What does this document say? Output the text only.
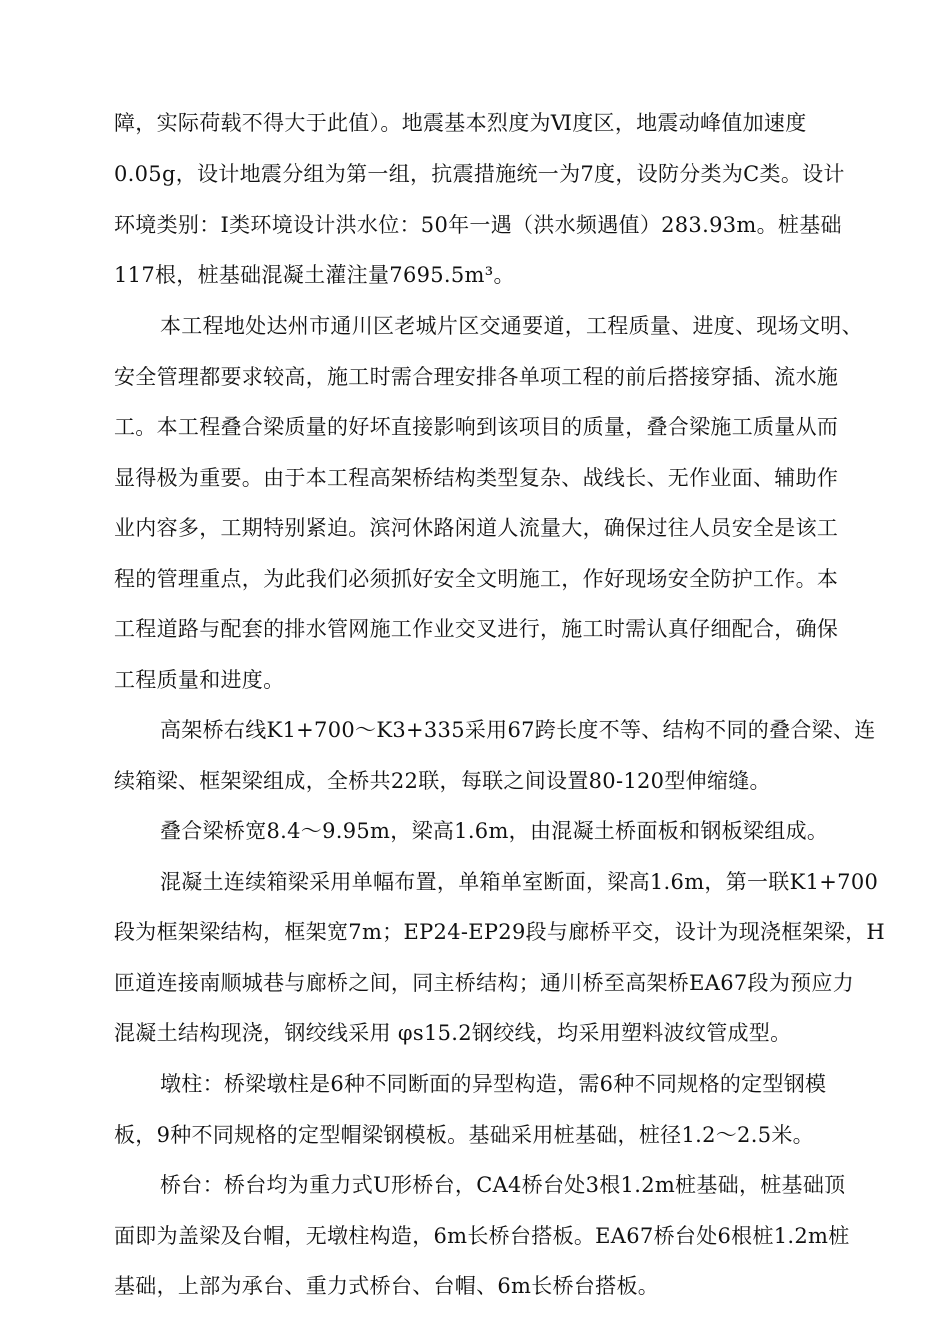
障，实际荷载不得大于此值）。地震基本烈度为Ⅵ度区，地震动峰值加速度
0.05g，设计地震分组为第一组，抗震措施统一为7度，设防分类为C类。设计
环境类别：Ⅰ类环境设计洪水位：50年一遇（洪水频遇值）283.93m。桩基础
117根，桩基础混凝土灌注量7695.5m³。
本工程地处达州市通川区老城片区交通要道，工程质量、进度、现场文明、
安全管理都要求较高，施工时需合理安排各单项工程的前后搭接穿插、流水施
工。本工程叠合梁质量的好坏直接影响到该项目的质量，叠合梁施工质量从而
显得极为重要。由于本工程高架桥结构类型复杂、战线长、无作业面、辅助作
业内容多，工期特别紧迫。滨河休路闲道人流量大，确保过往人员安全是该工
程的管理重点，为此我们必须抓好安全文明施工，作好现场安全防护工作。本
工程道路与配套的排水管网施工作业交叉进行，施工时需认真仔细配合，确保
工程质量和进度。
高架桥右线K1+700～K3+335采用67跨长度不等、结构不同的叠合梁、连
续箱梁、框架梁组成，全桥共22联，每联之间设置80-120型伸缩缝。
叠合梁桥宽8.4～9.95m，梁高1.6m，由混凝土桥面板和钢板梁组成。
混凝土连续箱梁采用单幅布置，单箱单室断面，梁高1.6m，第一联K1+700
段为框架梁结构，框架宽7m；EP24-EP29段与廊桥平交，设计为现浇框架梁，H
匝道连接南顺城巷与廊桥之间，同主桥结构；通川桥至高架桥EA67段为预应力
混凝土结构现浇，钢绞线采用 φs15.2钢绞线，均采用塑料波纹管成型。
墩柱：桥梁墩柱是6种不同断面的异型构造，需6种不同规格的定型钢模
板，9种不同规格的定型帽梁钢模板。基础采用桩基础，桩径1.2～2.5米。
桥台：桥台均为重力式U形桥台，CA4桥台处3根1.2m桩基础，桩基础顶
面即为盖梁及台帽，无墩柱构造，6m长桥台搭板。EA67桥台处6根桩1.2m桩
基础，上部为承台、重力式桥台、台帽、6m长桥台搭板。
